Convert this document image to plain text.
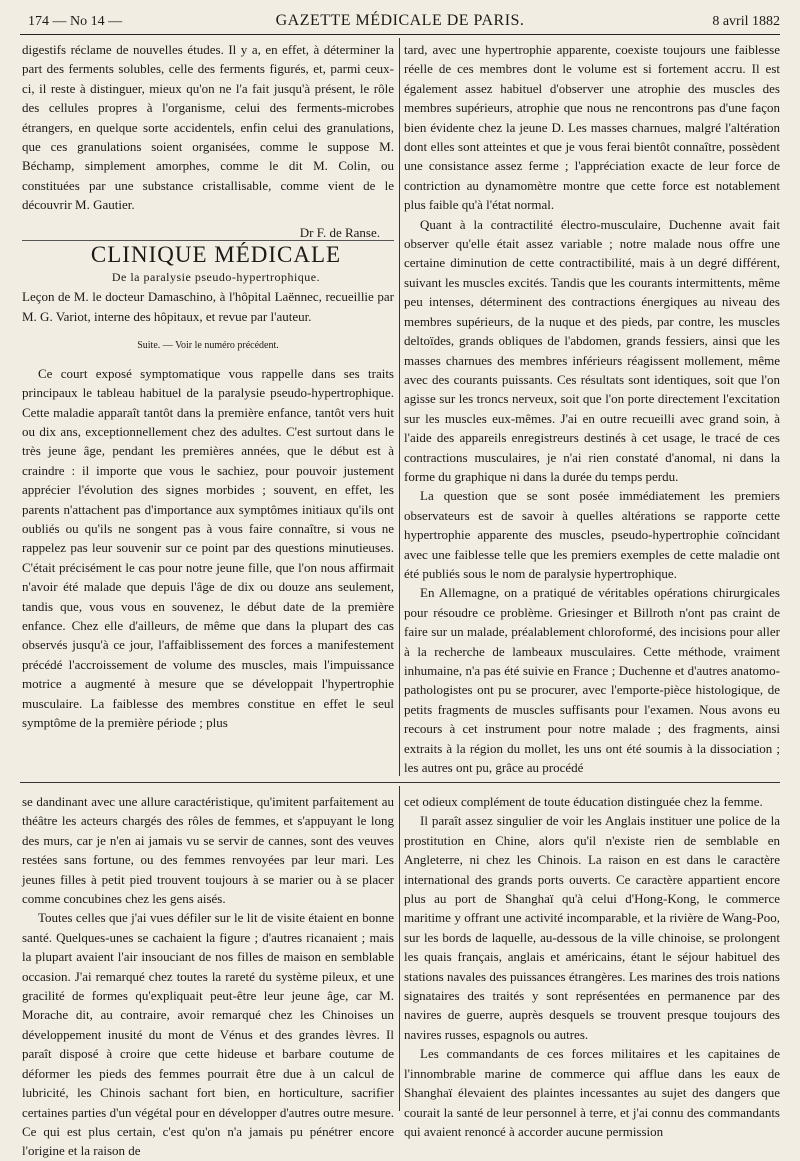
174 — No 14 —	GAZETTE MÉDICALE DE PARIS.	8 avril 1882

digestifs réclame de nouvelles études. Il y a, en effet, à déterminer la part des ferments solubles, celle des ferments figurés, et, parmi ceux-ci, il reste à distinguer, mieux qu'on ne l'a fait jusqu'à présent, le rôle des cellules propres à l'organisme, celui des ferments-microbes étrangers, en quelque sorte accidentels, enfin celui des granulations, que ces granulations soient organisées, comme le suppose M. Béchamp, simplement amorphes, comme le dit M. Colin, ou constituées par une substance cristallisable, comme vient de le découvrir M. Gautier.

Dr F. de Ranse.

CLINIQUE MÉDICALE

De la paralysie pseudo-hypertrophique.

Leçon de M. le docteur Damaschino, à l'hôpital Laënnec, recueillie par M. G. Variot, interne des hôpitaux, et revue par l'auteur.

Suite. — Voir le numéro précédent.

Ce court exposé symptomatique vous rappelle dans ses traits principaux le tableau habituel de la paralysie pseudo-hypertrophique. Cette maladie apparaît tantôt dans la première enfance, tantôt vers huit ou dix ans, exceptionnellement chez des adultes. C'est surtout dans le très jeune âge, pendant les premières années, que le début est à craindre : il importe que vous le sachiez, pour pouvoir justement apprécier l'évolution des signes morbides ; souvent, en effet, les parents n'attachent pas d'importance aux symptômes initiaux qu'ils ont oubliés ou qu'ils ne songent pas à vous faire connaître, si vous ne rappelez pas leur souvenir sur ce point par des questions minutieuses. C'était précisément le cas pour notre jeune fille, que l'on nous affirmait n'avoir été malade que depuis l'âge de dix ou douze ans seulement, tandis que, vous vous en souvenez, le début date de la première enfance. Chez elle d'ailleurs, de même que dans la plupart des cas observés jusqu'à ce jour, l'affaiblissement des forces a manifestement précédé l'accroissement de volume des muscles, mais l'impuissance motrice a augmenté à mesure que se développait l'hypertrophie musculaire. La faiblesse des membres constitue en effet le seul symptôme de la première période ; plus

tard, avec une hypertrophie apparente, coexiste toujours une faiblesse réelle de ces membres dont le volume est si fortement accru. Il est également assez habituel d'observer une atrophie des muscles des membres supérieurs, atrophie que nous ne rencontrons pas d'une façon bien évidente chez la jeune D. Les masses charnues, malgré l'altération dont elles sont atteintes et que je vous ferai bientôt connaître, possèdent une consistance assez ferme ; l'appréciation exacte de leur force de contriction au dynamomètre montre que cette force est notablement plus faible qu'à l'état normal.

Quant à la contractilité électro-musculaire, Duchenne avait fait observer qu'elle était assez variable ; notre malade nous offre une certaine diminution de cette contractibilité, mais à un degré différent, suivant les muscles excités. Tandis que les courants intermittents, même peu intenses, déterminent des contractions énergiques au niveau des membres supérieurs, de la nuque et des pieds, par contre, les muscles deltoïdes, grands obliques de l'abdomen, grands fessiers, ainsi que les masses charnues des membres inférieurs réagissent mollement, même avec des courants puissants. Ces résultats sont identiques, soit que l'on agisse sur les troncs nerveux, soit que l'on porte directement l'excitation sur les muscles eux-mêmes. J'ai en outre recueilli avec grand soin, à l'aide des appareils enregistreurs destinés à cet usage, le tracé de ces contractions musculaires, je n'ai rien constaté d'anomal, ni dans la forme du graphique ni dans la durée du temps perdu.

La question que se sont posée immédiatement les premiers observateurs est de savoir à quelles altérations se rapporte cette hypertrophie apparente des muscles, pseudo-hypertrophie coïncidant avec une faiblesse telle que les premiers exemples de cette maladie ont été publiés sous le nom de paralysie hypertrophique.

En Allemagne, on a pratiqué de véritables opérations chirurgicales pour résoudre ce problème. Griesinger et Billroth n'ont pas craint de faire sur un malade, préalablement chloroformé, des incisions pour aller à la recherche de lambeaux musculaires. Cette méthode, vraiment inhumaine, n'a pas été suivie en France ; Duchenne et d'autres anatomo-pathologistes ont pu se procurer, avec l'emporte-pièce histologique, de petits fragments de muscles suffisants pour l'examen. Nous avons eu recours à cet instrument pour notre malade ; des fragments, ainsi extraits à la région du mollet, les uns ont été soumis à la dissociation ; les autres ont pu, grâce au procédé

se dandinant avec une allure caractéristique, qu'imitent parfaitement au théâtre les acteurs chargés des rôles de femmes, et s'appuyant le long des murs, car je n'en ai jamais vu se servir de cannes, sont des veuves restées sans fortune, ou des femmes renvoyées par leur mari. Les jeunes filles à petit pied trouvent toujours à se marier ou à se placer comme concubines chez les gens aisés.

Toutes celles que j'ai vues défiler sur le lit de visite étaient en bonne santé. Quelques-unes se cachaient la figure ; d'autres ricanaient ; mais la plupart avaient l'air insouciant de nos filles de maison en semblable occasion. J'ai remarqué chez toutes la rareté du système pileux, et une gracilité de formes qu'expliquait peut-être leur jeune âge, car M. Morache dit, au contraire, avoir remarqué chez les Chinoises un développement inusité du mont de Vénus et des grandes lèvres. Il paraît disposé à croire que cette hideuse et barbare coutume de déformer les pieds des femmes pourrait être due à un calcul de lubricité, les Chinois sachant fort bien, en horticulture, sacrifier certaines parties d'un végétal pour en développer d'autres outre mesure. Ce qui est plus certain, c'est qu'on n'a jamais pu pénétrer encore l'origine et la raison de

cet odieux complément de toute éducation distinguée chez la femme.

Il paraît assez singulier de voir les Anglais instituer une police de la prostitution en Chine, alors qu'il n'existe rien de semblable en Angleterre, ni chez les Chinois. La raison en est dans le caractère international des grands ports ouverts. Ce caractère appartient encore plus au port de Shanghaï qu'à celui d'Hong-Kong, le commerce maritime y offrant une activité incomparable, et la rivière de Wang-Poo, sur les bords de laquelle, au-dessous de la ville chinoise, se prolongent les quais français, anglais et américains, étant le séjour habituel des stations navales des puissances étrangères. Les marines des trois nations signataires des traités y sont représentées en permanence par des navires de guerre, auprès desquels se trouvent presque toujours des navires russes, espagnols ou autres.

Les commandants de ces forces militaires et les capitaines de l'innombrable marine de commerce qui afflue dans les eaux de Shanghaï élevaient des plaintes incessantes au sujet des dangers que courait la santé de leur personnel à terre, et j'ai connu des commandants qui avaient renoncé à accorder aucune permission
